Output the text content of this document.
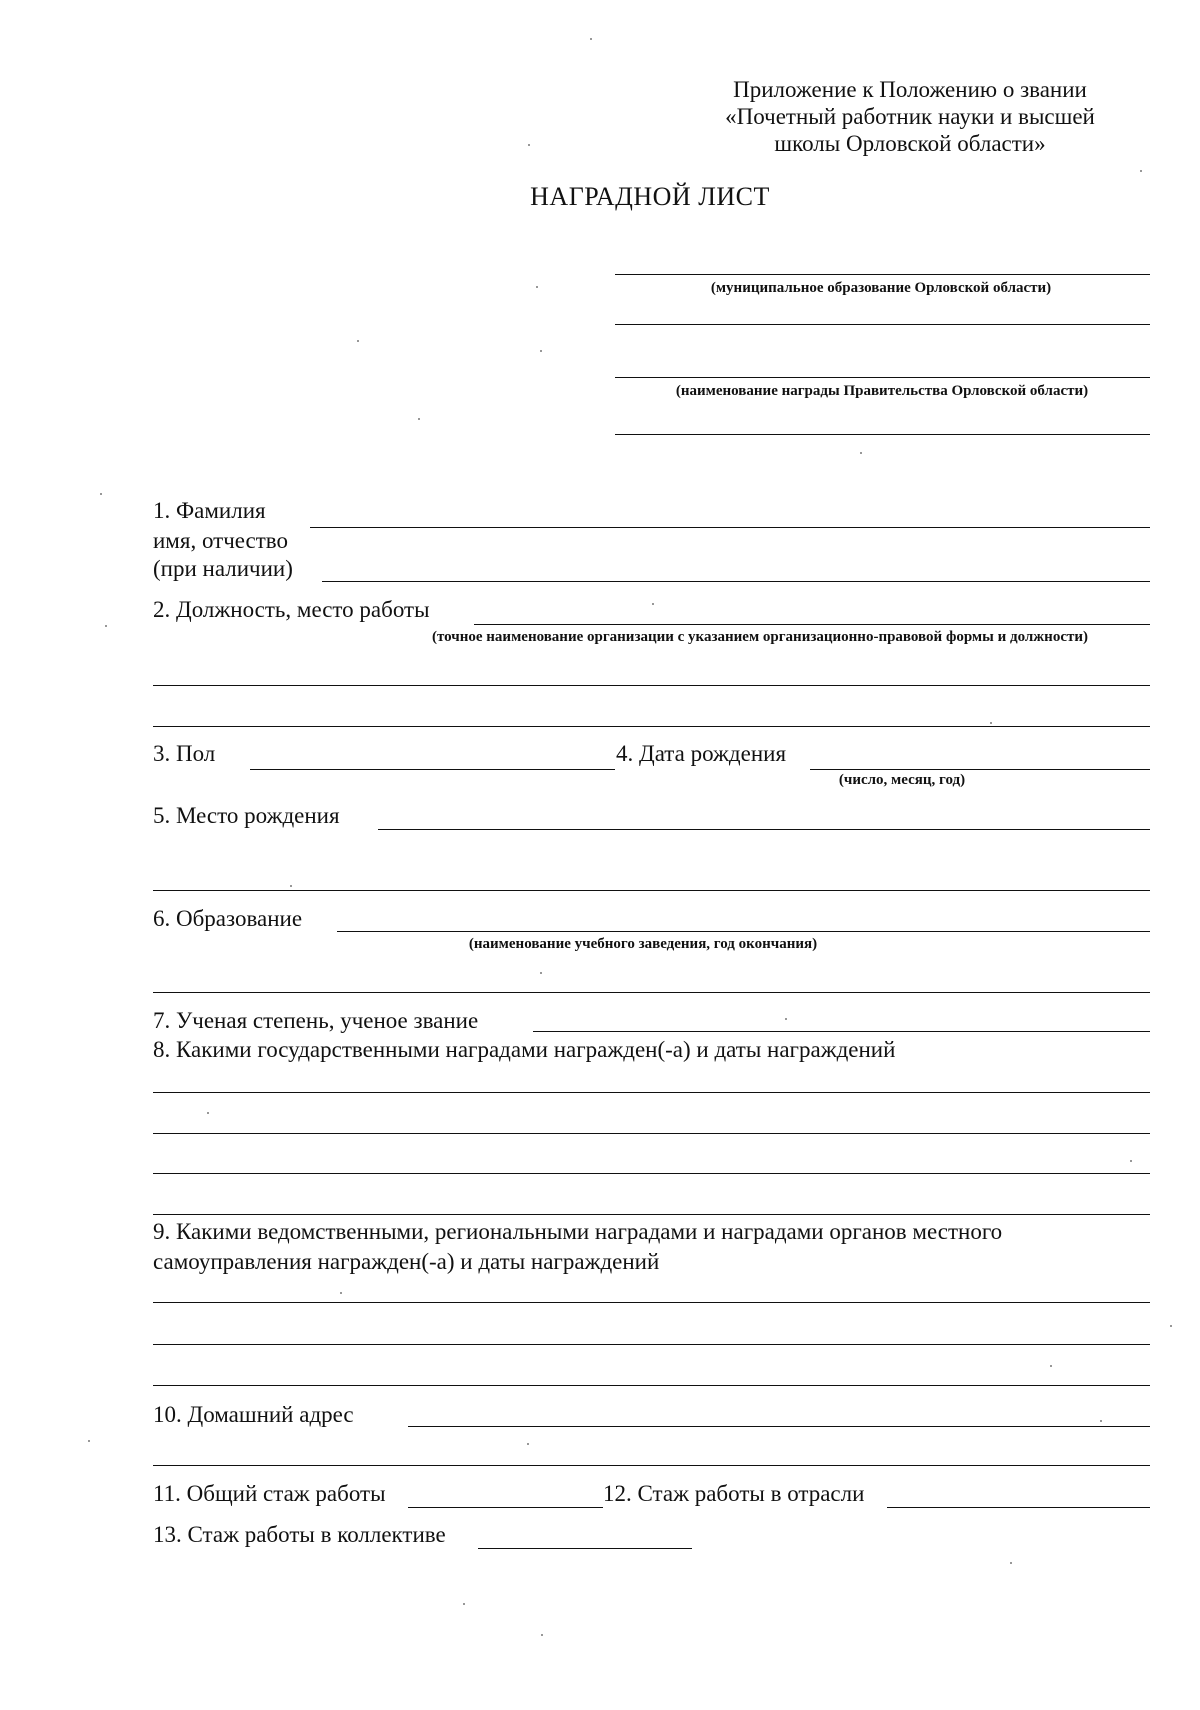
Приложение к Положению о звании
«Почетный работник науки и высшей
школы Орловской области»
НАГРАДНОЙ ЛИСТ
(муниципальное образование Орловской области)
(наименование награды Правительства Орловской области)
1. Фамилия
имя, отчество
(при наличии)
2. Должность, место работы
(точное наименование организации с указанием организационно-правовой формы и должности)
3. Пол	4. Дата рождения
(число, месяц, год)
5. Место рождения
6. Образование
(наименование учебного заведения, год окончания)
7. Ученая степень, ученое звание
8. Какими государственными наградами награжден(-а) и даты награждений
9. Какими ведомственными, региональными наградами и наградами органов местного
самоуправления награжден(-а) и даты награждений
10. Домашний адрес
11. Общий стаж работы	12. Стаж работы в отрасли
13. Стаж работы в коллективе
